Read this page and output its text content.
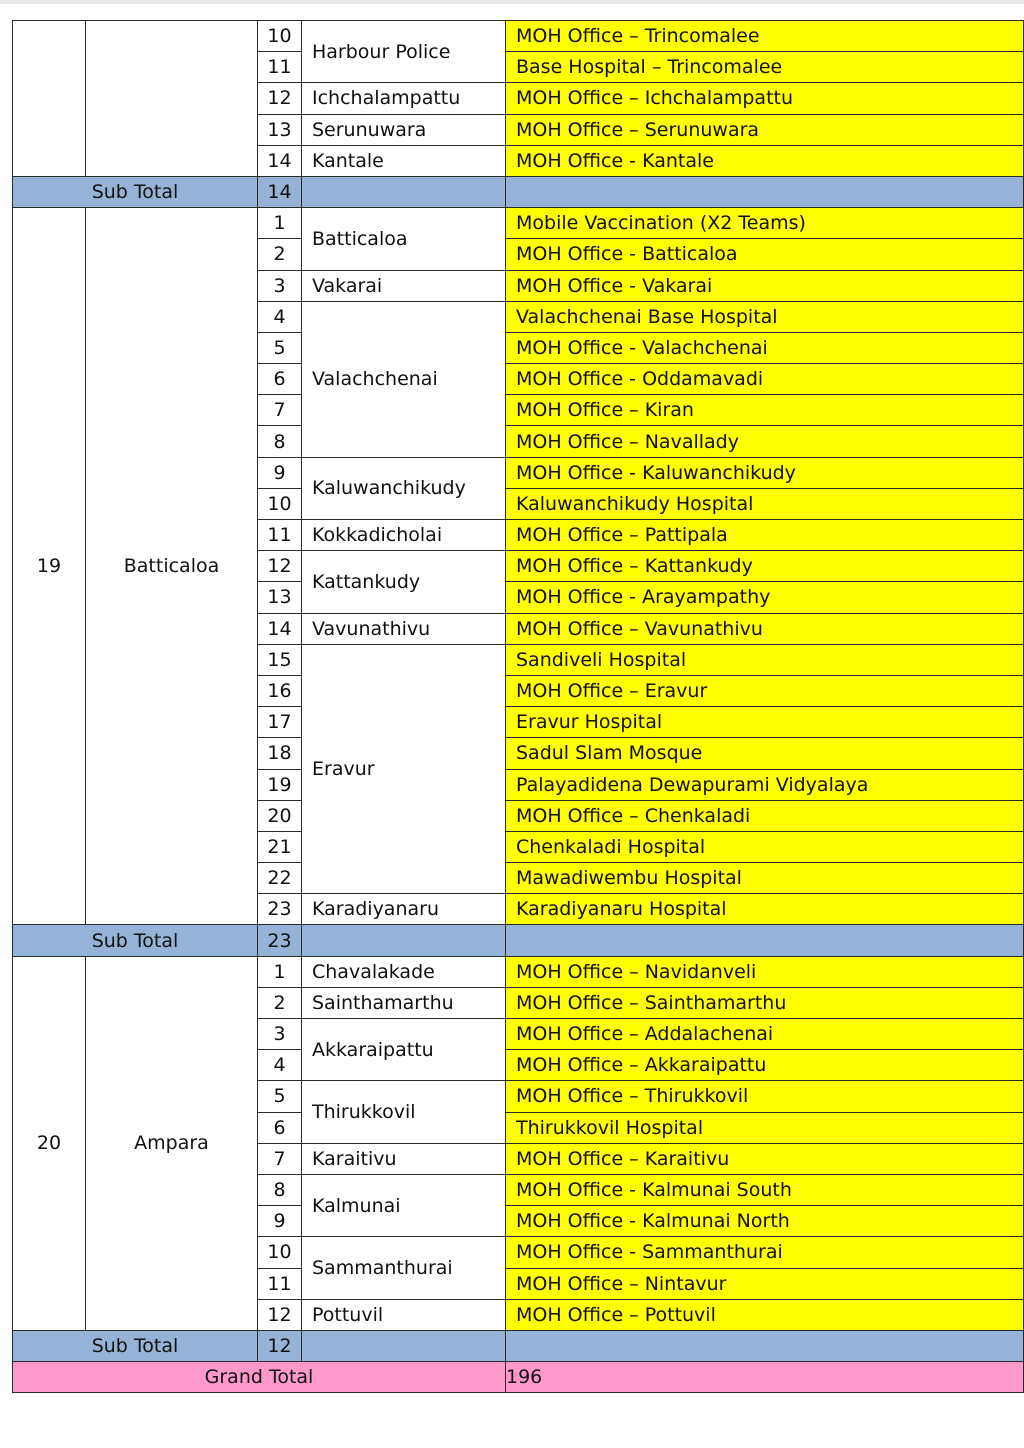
		10	Harbour Police	MOH Office – Trincomalee
		11		Base Hospital – Trincomalee
		12	Ichchalampattu	MOH Office – Ichchalampattu
		13	Serunuwara	MOH Office – Serunuwara
		14	Kantale	MOH Office - Kantale
Sub Total		14		
19	Batticaloa	1	Batticaloa	Mobile Vaccination (X2 Teams)
		2		MOH Office - Batticaloa
		3	Vakarai	MOH Office - Vakarai
		4	Valachchenai	Valachchenai Base Hospital
		5		MOH Office - Valachchenai
		6		MOH Office - Oddamavadi
		7		MOH Office – Kiran
		8		MOH Office – Navallady
		9	Kaluwanchikudy	MOH Office - Kaluwanchikudy
		10		Kaluwanchikudy Hospital
		11	Kokkadicholai	MOH Office – Pattipala
		12	Kattankudy	MOH Office – Kattankudy
		13		MOH Office - Arayampathy
		14	Vavunathivu	MOH Office – Vavunathivu
		15	Eravur	Sandiveli Hospital
		16		MOH Office – Eravur
		17		Eravur Hospital
		18		Sadul Slam Mosque
		19		Palayadidena Dewapurami Vidyalaya
		20		MOH Office – Chenkaladi
		21		Chenkaladi Hospital
		22		Mawadiwembu Hospital
		23	Karadiyanaru	Karadiyanaru Hospital
Sub Total		23		
20	Ampara	1	Chavalakade	MOH Office – Navidanveli
		2	Sainthamarthu	MOH Office – Sainthamarthu
		3	Akkaraipattu	MOH Office – Addalachenai
		4		MOH Office – Akkaraipattu
		5	Thirukkovil	MOH Office – Thirukkovil
		6		Thirukkovil Hospital
		7	Karaitivu	MOH Office – Karaitivu
		8	Kalmunai	MOH Office - Kalmunai South
		9		MOH Office - Kalmunai North
		10	Sammanthurai	MOH Office - Sammanthurai
		11		MOH Office – Nintavur
		12	Pottuvil	MOH Office – Pottuvil
Sub Total		12		
Grand Total				196
